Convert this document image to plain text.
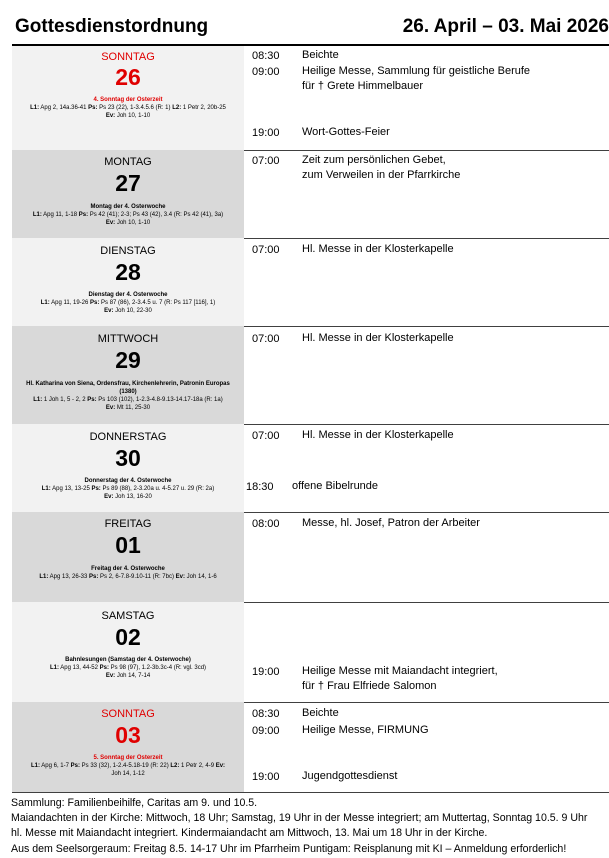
Gottesdienstordnung	26. April – 03. Mai 2026
SONNTAG
26
4. Sonntag der Osterzeit
L1: Apg 2, 14a.36-41 Ps: Ps 23 (22), 1-3.4.5.6 (R: 1) L2: 1 Petr 2, 20b-25
Ev: Joh 10, 1-10
08:30 Beichte
09:00 Heilige Messe, Sammlung für geistliche Berufe
für † Grete Himmelbauer
19:00 Wort-Gottes-Feier
MONTAG
27
Montag der 4. Osterwoche
L1: Apg 11, 1-18 Ps: Ps 42 (41); 2-3; Ps 43 (42), 3.4 (R: Ps 42 (41), 3a)
Ev: Joh 10, 1-10
07:00 Zeit zum persönlichen Gebet,
zum Verweilen in der Pfarrkirche
DIENSTAG
28
Dienstag der 4. Osterwoche
L1: Apg 11, 19-26 Ps: Ps 87 (86), 2-3.4.5 u. 7 (R: Ps 117 [116], 1)
Ev: Joh 10, 22-30
07:00 Hl. Messe in der Klosterkapelle
MITTWOCH
29
Hl. Katharina von Siena, Ordensfrau, Kirchenlehrerin, Patronin Europas (1380)
L1: 1 Joh 1, 5 - 2, 2 Ps: Ps 103 (102), 1-2.3-4.8-9.13-14.17-18a (R: 1a)
Ev: Mt 11, 25-30
07:00 Hl. Messe in der Klosterkapelle
DONNERSTAG
30
Donnerstag der 4. Osterwoche
L1: Apg 13, 13-25 Ps: Ps 89 (88), 2-3.20a u. 4-5.27 u. 29 (R: 2a)
Ev: Joh 13, 16-20
07:00 Hl. Messe in der Klosterkapelle
18:30 offene Bibelrunde
FREITAG
01
Freitag der 4. Osterwoche
L1: Apg 13, 26-33 Ps: Ps 2, 6-7.8-9.10-11 (R: 7bc) Ev: Joh 14, 1-6
08:00 Messe, hl. Josef, Patron der Arbeiter
SAMSTAG
02
Bahnlesungen (Samstag der 4. Osterwoche)
L1: Apg 13, 44-52 Ps: Ps 98 (97), 1.2-3b.3c-4 (R: vgl. 3cd)
Ev: Joh 14, 7-14	19:00 Heilige Messe mit Maiandacht integriert,
für † Frau Elfriede Salomon
SONNTAG
03
5. Sonntag der Osterzeit
L1: Apg 6, 1-7 Ps: Ps 33 (32), 1-2.4-5.18-19 (R: 22) L2: 1 Petr 2, 4-9 Ev:
Joh 14, 1-12
08:30 Beichte
09:00 Heilige Messe, FIRMUNG
19:00 Jugendgottesdienst
Sammlung: Familienbeihilfe, Caritas am 9. und 10.5.
Maiandachten in der Kirche: Mittwoch, 18 Uhr; Samstag, 19 Uhr in der Messe integriert; am Muttertag, Sonntag 10.5. 9 Uhr
hl. Messe mit Maiandacht integriert. Kindermaiandacht am Mittwoch, 13. Mai um 18 Uhr in der Kirche.
Aus dem Seelsorgeraum: Freitag 8.5. 14-17 Uhr im Pfarrheim Puntigam: Reisplanung mit KI – Anmeldung erforderlich!
